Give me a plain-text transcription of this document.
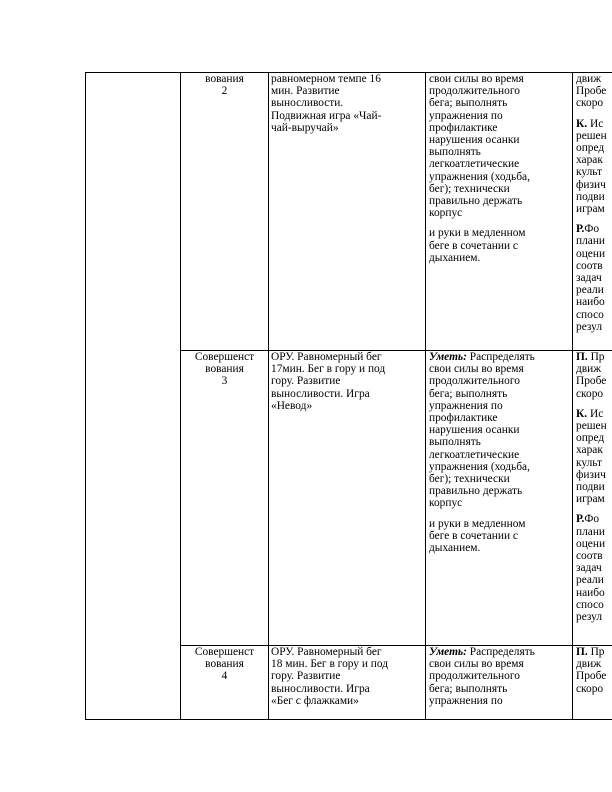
вования
2
равномерном темпе 16
мин. Развитие
выносливости.
Подвижная игра «Чай-
чай-выручай»
свои силы во время
продолжительного
бега; выполнять
упражнения по
профилактике
нарушения осанки
выполнять
легкоатлетические
упражнения (ходьба,
бег); технически
правильно держать
корпус
и руки в медленном
беге в сочетании с
дыханием.
движ
Пробе
скоро
К. Ис
решен
опред
харак
культ
физич
подви
играм
Р.Фо
плани
оцени
соотв
задач
реали
наибо
спосо
резул
Совершенст
вования
3
ОРУ. Равномерный бег
17мин. Бег в гору и под
гору. Развитие
выносливости. Игра
«Невод»
Уметь: Распределять
свои силы во время
продолжительного
бега; выполнять
упражнения по
профилактике
нарушения осанки
выполнять
легкоатлетические
упражнения (ходьба,
бег); технически
правильно держать
корпус
и руки в медленном
беге в сочетании с
дыханием.
П. Пр
движ
Пробе
скоро
К. Ис
решен
опред
харак
культ
физич
подви
играм
Р.Фо
плани
оцени
соотв
задач
реали
наибо
спосо
резул
Совершенст
вования
4
ОРУ. Равномерный бег
18 мин. Бег в гору и под
гору. Развитие
выносливости. Игра
«Бег с флажками»
Уметь: Распределять
свои силы во время
продолжительного
бега; выполнять
упражнения по
П. Пр
движ
Пробе
скоро
